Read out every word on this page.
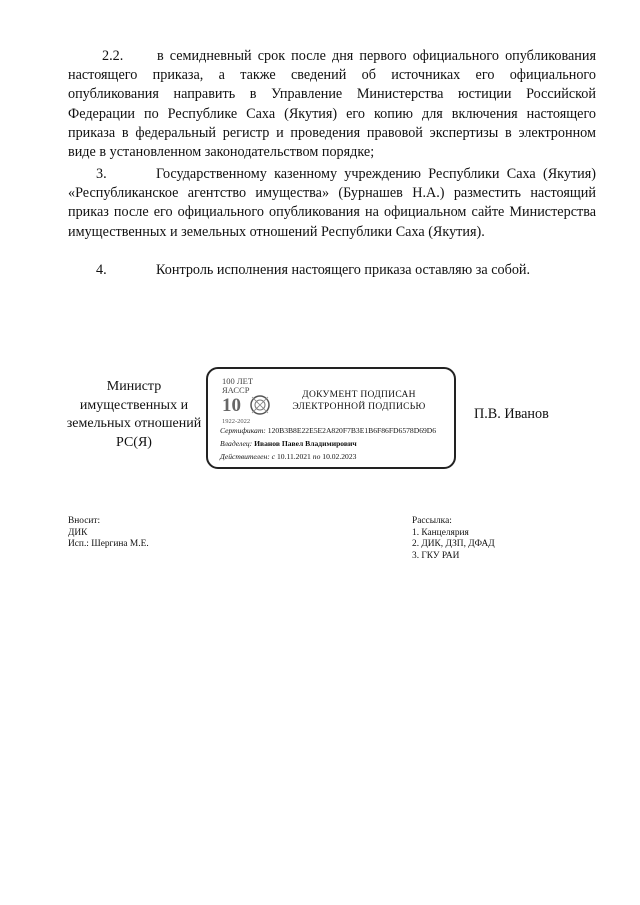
2.2. в семидневный срок после дня первого официального опубликования настоящего приказа, а также сведений об источниках его официального опубликования направить в Управление Министерства юстиции Российской Федерации по Республике Саха (Якутия) его копию для включения настоящего приказа в федеральный регистр и проведения правовой экспертизы в электронном виде в установленном законодательством порядке;

3.	Государственному казенному учреждению Республики Саха (Якутия) «Республиканское агентство имущества» (Бурнашев Н.А.) разместить настоящий приказ после его официального опубликования на официальном сайте Министерства имущественных и земельных отношений Республики Саха (Якутия).

4.	Контроль исполнения настоящего приказа оставляю за собой.

Министр имущественных и земельных отношений РС(Я)
100 ЛЕТ
ЯАССР
10
1922-2022
ДОКУМЕНТ ПОДПИСАН
ЭЛЕКТРОННОЙ ПОДПИСЬЮ
Сертификат: 120B3B8E22E5E2A820F7B3E1B6F86FD6578D69D6
Владелец: Иванов Павел Владимирович
Действителен: с 10.11.2021 по 10.02.2023
П.В. Иванов
Вносит:
ДИК
Исп.: Шергина М.Е.
Рассылка:
1. Канцелярия
2. ДИК, ДЗП, ДФАД
3. ГКУ РАИ
